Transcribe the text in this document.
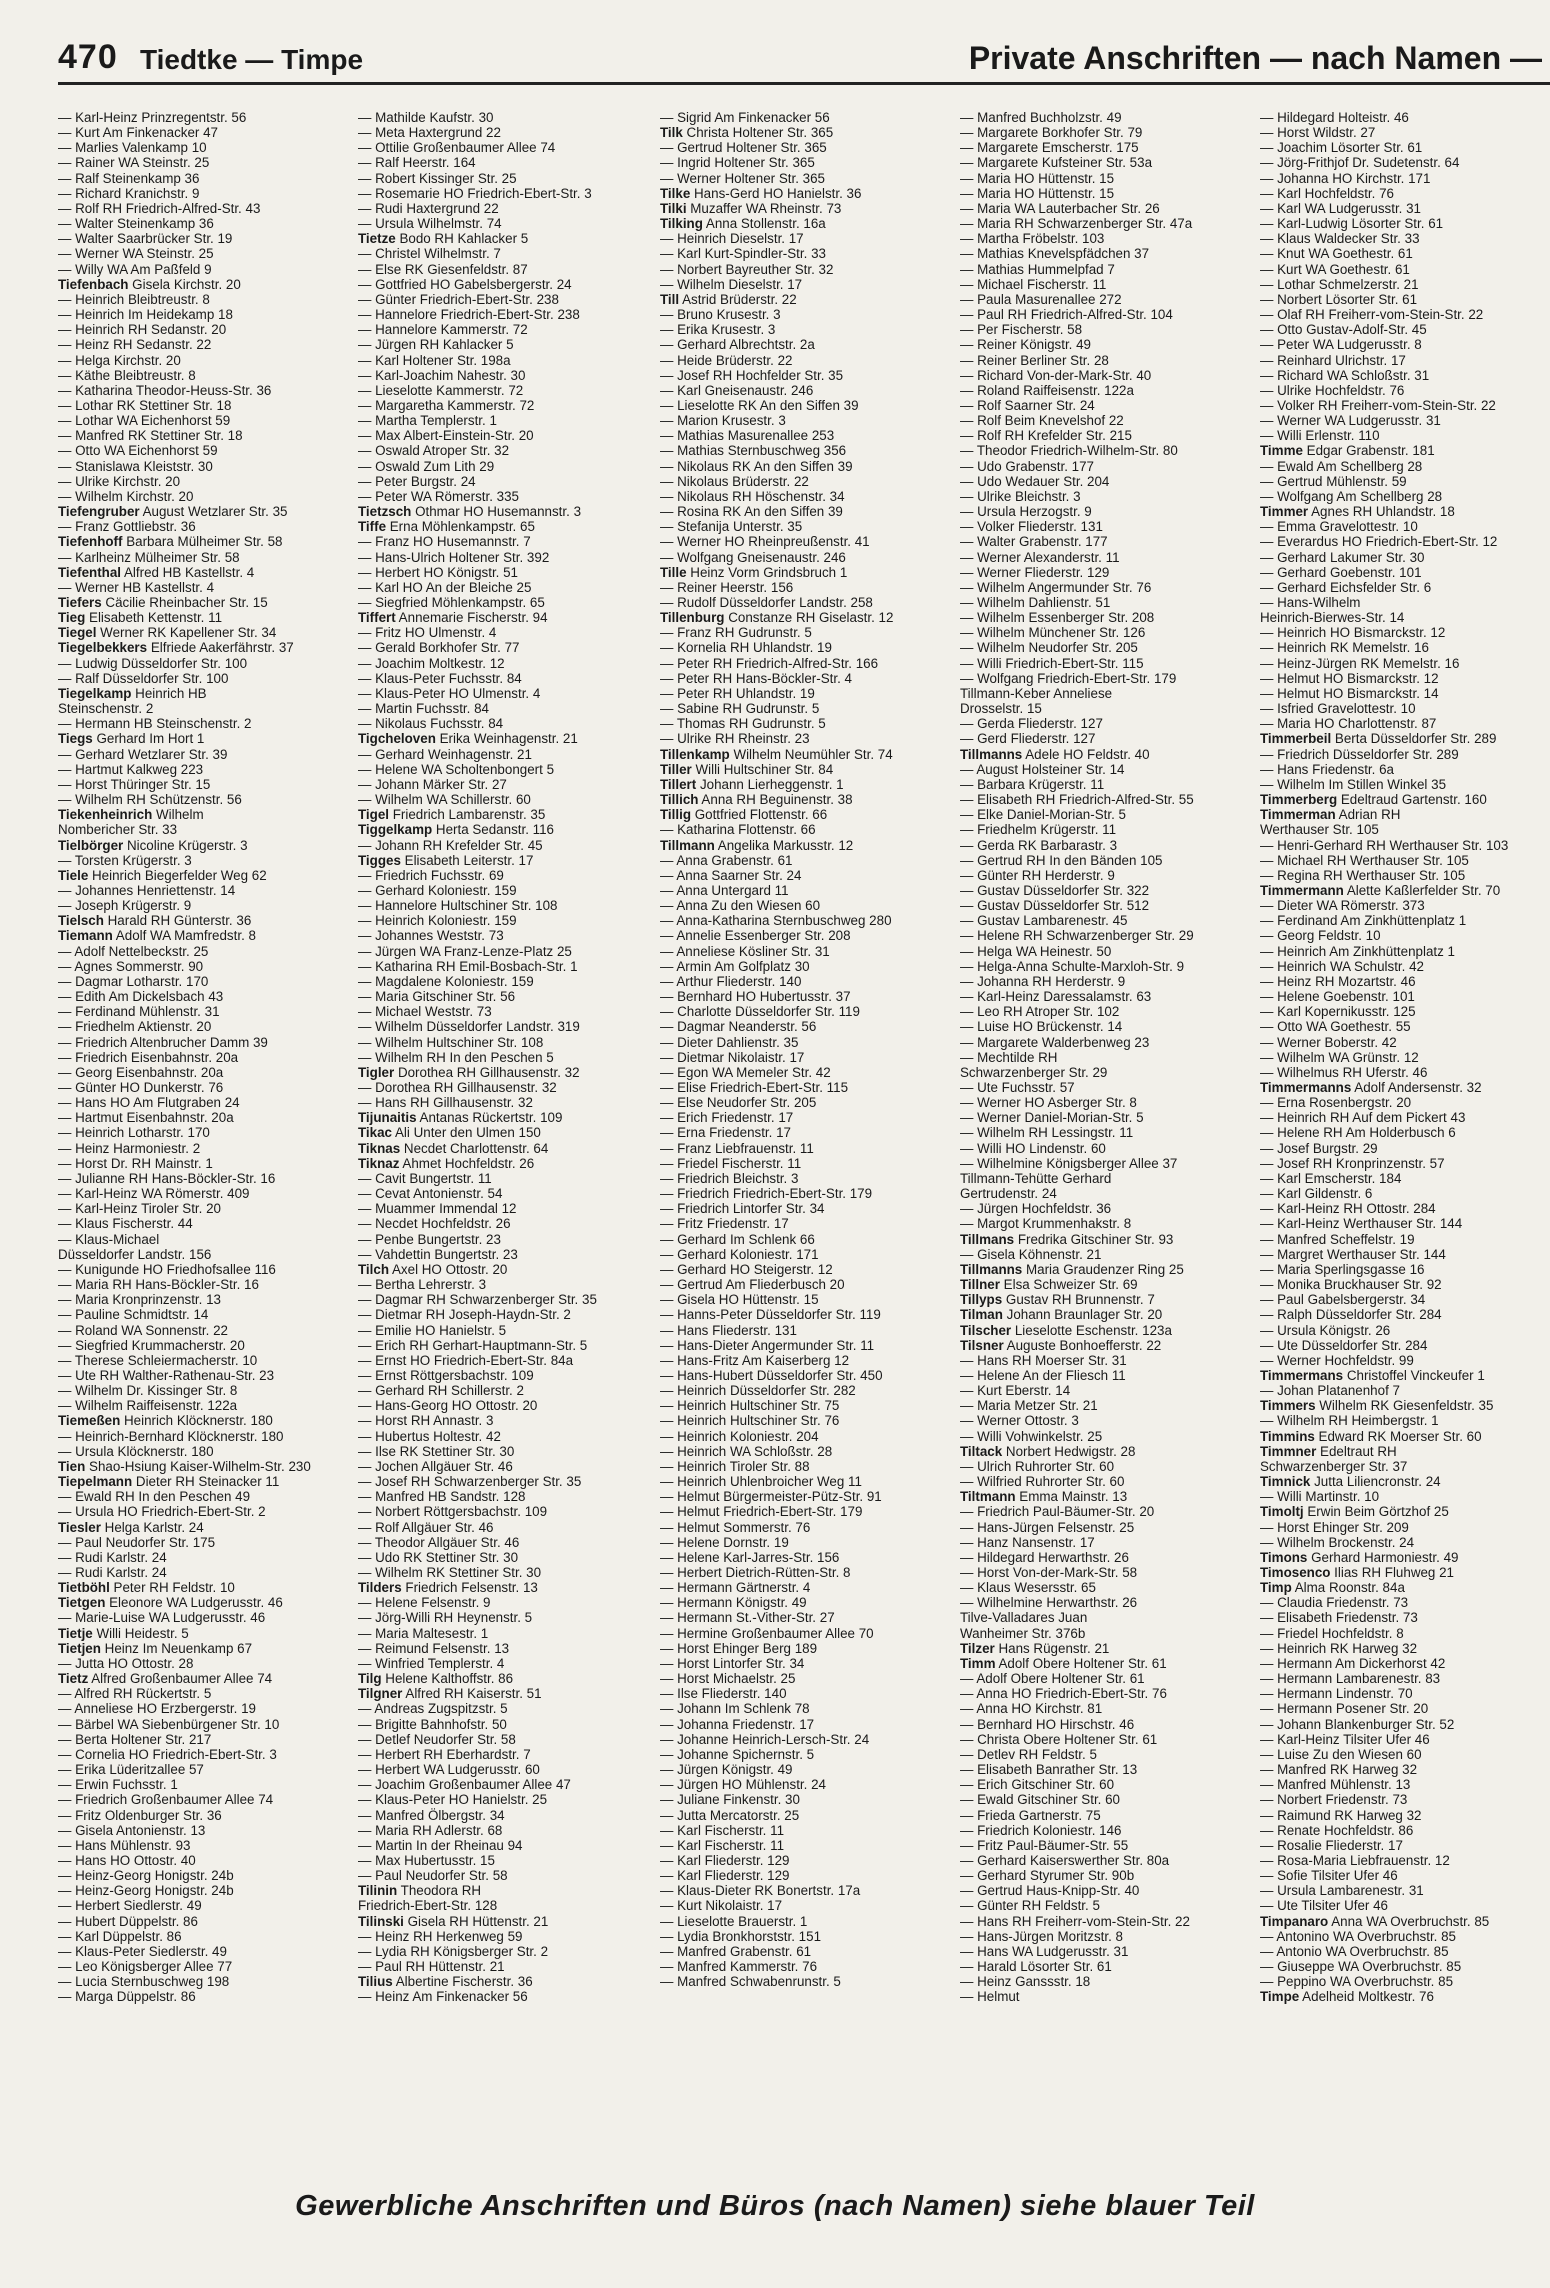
470 Tiedtke — Timpe	Private Anschriften — nach Namen —
— Karl-Heinz Prinzregentstr. 56
— Kurt Am Finkenacker 47
— Marlies Valenkamp 10
— Rainer WA Steinstr. 25
— Ralf Steinenkamp 36
— Richard Kranichstr. 9
— Rolf RH Friedrich-Alfred-Str. 43
— Walter Steinenkamp 36
— Walter Saarbrücker Str. 19
— Werner WA Steinstr. 25
— Willy WA Am Paßfeld 9
Tiefenbach Gisela Kirchstr. 20
— Heinrich Bleibtreustr. 8
— Heinrich Im Heidekamp 18
— Heinrich RH Sedanstr. 20
— Heinz RH Sedanstr. 22
— Helga Kirchstr. 20
— Käthe Bleibtreustr. 8
— Katharina Theodor-Heuss-Str. 36
— Lothar RK Stettiner Str. 18
— Lothar WA Eichenhorst 59
— Manfred RK Stettiner Str. 18
— Otto WA Eichenhorst 59
— Stanislawa Kleiststr. 30
— Ulrike Kirchstr. 20
— Wilhelm Kirchstr. 20
Tiefengruber August Wetzlarer Str. 35
— Franz Gottliebstr. 36
Tiefenhoff Barbara Mülheimer Str. 58
— Karlheinz Mülheimer Str. 58
Tiefenthal Alfred HB Kastellstr. 4
— Werner HB Kastellstr. 4
Tiefers Cäcilie Rheinbacher Str. 15
Tieg Elisabeth Kettenstr. 11
Tiegel Werner RK Kapellener Str. 34
Tiegelbekkers Elfriede Aakerfährstr. 37
— Ludwig Düsseldorfer Str. 100
— Ralf Düsseldorfer Str. 100
Tiegelkamp Heinrich HB
Steinschenstr. 2
— Hermann HB Steinschenstr. 2
Tiegs Gerhard Im Hort 1
— Gerhard Wetzlarer Str. 39
— Hartmut Kalkweg 223
— Horst Thüringer Str. 15
— Wilhelm RH Schützenstr. 56
Tiekenheinrich Wilhelm
Nombericher Str. 33
Tielbörger Nicoline Krügerstr. 3
— Torsten Krügerstr. 3
Tiele Heinrich Biegerfelder Weg 62
— Johannes Henriettenstr. 14
— Joseph Krügerstr. 9
Tielsch Harald RH Günterstr. 36
Tiemann Adolf WA Mamfredstr. 8
— Adolf Nettelbeckstr. 25
— Agnes Sommerstr. 90
— Dagmar Lotharstr. 170
— Edith Am Dickelsbach 43
— Ferdinand Mühlenstr. 31
— Friedhelm Aktienstr. 20
— Friedrich Altenbrucher Damm 39
— Friedrich Eisenbahnstr. 20a
— Georg Eisenbahnstr. 20a
— Günter HO Dunkerstr. 76
— Hans HO Am Flutgraben 24
— Hartmut Eisenbahnstr. 20a
— Heinrich Lotharstr. 170
— Heinz Harmoniestr. 2
— Horst Dr. RH Mainstr. 1
— Julianne RH Hans-Böckler-Str. 16
— Karl-Heinz WA Römerstr. 409
— Karl-Heinz Tiroler Str. 20
— Klaus Fischerstr. 44
— Klaus-Michael
Düsseldorfer Landstr. 156
— Kunigunde HO Friedhofsallee 116
— Maria RH Hans-Böckler-Str. 16
— Maria Kronprinzenstr. 13
— Pauline Schmidtstr. 14
— Roland WA Sonnenstr. 22
— Siegfried Krummacherstr. 20
— Therese Schleiermacherstr. 10
— Ute RH Walther-Rathenau-Str. 23
— Wilhelm Dr. Kissinger Str. 8
— Wilhelm Raiffeisenstr. 122a
Tiemeßen Heinrich Klöcknerstr. 180
— Heinrich-Bernhard Klöcknerstr. 180
— Ursula Klöcknerstr. 180
Tien Shao-Hsiung Kaiser-Wilhelm-Str. 230
Tiepelmann Dieter RH Steinacker 11
— Ewald RH In den Peschen 49
— Ursula HO Friedrich-Ebert-Str. 2
Tiesler Helga Karlstr. 24
— Paul Neudorfer Str. 175
— Rudi Karlstr. 24
— Rudi Karlstr. 24
Tietböhl Peter RH Feldstr. 10
Tietgen Eleonore WA Ludgerusstr. 46
— Marie-Luise WA Ludgerusstr. 46
Tietje Willi Heidestr. 5
Tietjen Heinz Im Neuenkamp 67
— Jutta HO Ottostr. 28
Tietz Alfred Großenbaumer Allee 74
— Alfred RH Rückertstr. 5
— Anneliese HO Erzbergerstr. 19
— Bärbel WA Siebenbürgener Str. 10
— Berta Holtener Str. 217
— Cornelia HO Friedrich-Ebert-Str. 3
— Erika Lüderitzallee 57
— Erwin Fuchsstr. 1
— Friedrich Großenbaumer Allee 74
— Fritz Oldenburger Str. 36
— Gisela Antonienstr. 13
— Hans Mühlenstr. 93
— Hans HO Ottostr. 40
— Heinz-Georg Honigstr. 24b
— Heinz-Georg Honigstr. 24b
— Herbert Siedlerstr. 49
— Hubert Düppelstr. 86
— Karl Düppelstr. 86
— Klaus-Peter Siedlerstr. 49
— Leo Königsberger Allee 77
— Lucia Sternbuschweg 198
— Marga Düppelstr. 86
— Mathilde Kaufstr. 30
— Meta Haxtergrund 22
— Ottilie Großenbaumer Allee 74
— Ralf Heerstr. 164
— Robert Kissinger Str. 25
— Rosemarie HO Friedrich-Ebert-Str. 3
— Rudi Haxtergrund 22
— Ursula Wilhelmstr. 74
Tietze Bodo RH Kahlacker 5
— Christel Wilhelmstr. 7
— Else RK Giesenfeldstr. 87
— Gottfried HO Gabelsbergerstr. 24
— Günter Friedrich-Ebert-Str. 238
— Hannelore Friedrich-Ebert-Str. 238
— Hannelore Kammerstr. 72
— Jürgen RH Kahlacker 5
— Karl Holtener Str. 198a
— Karl-Joachim Nahestr. 30
— Lieselotte Kammerstr. 72
— Margaretha Kammerstr. 72
— Martha Templerstr. 1
— Max Albert-Einstein-Str. 20
— Oswald Atroper Str. 32
— Oswald Zum Lith 29
— Peter Burgstr. 24
— Peter WA Römerstr. 335
Tietzsch Othmar HO Husemannstr. 3
Tiffe Erna Möhlenkampstr. 65
— Franz HO Husemannstr. 7
— Hans-Ulrich Holtener Str. 392
— Herbert HO Königstr. 51
— Karl HO An der Bleiche 25
— Siegfried Möhlenkampstr. 65
Tiffert Annemarie Fischerstr. 94
— Fritz HO Ulmenstr. 4
— Gerald Borkhofer Str. 77
— Joachim Moltkestr. 12
— Klaus-Peter Fuchsstr. 84
— Klaus-Peter HO Ulmenstr. 4
— Martin Fuchsstr. 84
— Nikolaus Fuchsstr. 84
Tigcheloven Erika Weinhagenstr. 21
— Gerhard Weinhagenstr. 21
— Helene WA Scholtenbongert 5
— Johann Märker Str. 27
— Wilhelm WA Schillerstr. 60
Tigel Friedrich Lambarenstr. 35
Tiggelkamp Herta Sedanstr. 116
— Johann RH Krefelder Str. 45
Tigges Elisabeth Leiterstr. 17
— Friedrich Fuchsstr. 69
— Gerhard Koloniestr. 159
— Hannelore Hultschiner Str. 108
— Heinrich Koloniestr. 159
— Johannes Weststr. 73
— Jürgen WA Franz-Lenze-Platz 25
— Katharina RH Emil-Bosbach-Str. 1
— Magdalene Koloniestr. 159
— Maria Gitschiner Str. 56
— Michael Weststr. 73
— Wilhelm Düsseldorfer Landstr. 319
— Wilhelm Hultschiner Str. 108
— Wilhelm RH In den Peschen 5
Tigler Dorothea RH Gillhausenstr. 32
— Dorothea RH Gillhausenstr. 32
— Hans RH Gillhausenstr. 32
Tijunaitis Antanas Rückertstr. 109
Tikac Ali Unter den Ulmen 150
Tiknas Necdet Charlottenstr. 64
Tiknaz Ahmet Hochfeldstr. 26
— Cavit Bungertstr. 11
— Cevat Antonienstr. 54
— Muammer Immendal 12
— Necdet Hochfeldstr. 26
— Penbe Bungertstr. 23
— Vahdettin Bungertstr. 23
Tilch Axel HO Ottostr. 20
— Bertha Lehrerstr. 3
— Dagmar RH Schwarzenberger Str. 35
— Dietmar RH Joseph-Haydn-Str. 2
— Emilie HO Hanielstr. 5
— Erich RH Gerhart-Hauptmann-Str. 5
— Ernst HO Friedrich-Ebert-Str. 84a
— Ernst Röttgersbachstr. 109
— Gerhard RH Schillerstr. 2
— Hans-Georg HO Ottostr. 20
— Horst RH Annastr. 3
— Hubertus Holtestr. 42
— Ilse RK Stettiner Str. 30
— Jochen Allgäuer Str. 46
— Josef RH Schwarzenberger Str. 35
— Manfred HB Sandstr. 128
— Norbert Röttgersbachstr. 109
— Rolf Allgäuer Str. 46
— Theodor Allgäuer Str. 46
— Udo RK Stettiner Str. 30
— Wilhelm RK Stettiner Str. 30
Tilders Friedrich Felsenstr. 13
— Helene Felsenstr. 9
— Jörg-Willi RH Heynenstr. 5
— Maria Maltesestr. 1
— Reimund Felsenstr. 13
— Winfried Templerstr. 4
Tilg Helene Kalthoffstr. 86
Tilgner Alfred RH Kaiserstr. 51
— Andreas Zugspitzstr. 5
— Brigitte Bahnhofstr. 50
— Detlef Neudorfer Str. 58
— Herbert RH Eberhardstr. 7
— Herbert WA Ludgerusstr. 60
— Joachim Großenbaumer Allee 47
— Klaus-Peter HO Hanielstr. 25
— Manfred Ölbergstr. 34
— Maria RH Adlerstr. 68
— Martin In der Rheinau 94
— Max Hubertusstr. 15
— Paul Neudorfer Str. 58
Tilinin Theodora RH
Friedrich-Ebert-Str. 128
Tilinski Gisela RH Hüttenstr. 21
— Heinz RH Herkenweg 59
— Lydia RH Königsberger Str. 2
— Paul RH Hüttenstr. 21
Tilius Albertine Fischerstr. 36
— Heinz Am Finkenacker 56
— Sigrid Am Finkenacker 56
Tilk Christa Holtener Str. 365
— Gertrud Holtener Str. 365
— Ingrid Holtener Str. 365
— Werner Holtener Str. 365
Tilke Hans-Gerd HO Hanielstr. 36
Tilki Muzaffer WA Rheinstr. 73
Tilking Anna Stollenstr. 16a
— Heinrich Dieselstr. 17
— Karl Kurt-Spindler-Str. 33
— Norbert Bayreuther Str. 32
— Wilhelm Dieselstr. 17
Till Astrid Brüderstr. 22
— Bruno Krusestr. 3
— Erika Krusestr. 3
— Gerhard Albrechtstr. 2a
— Heide Brüderstr. 22
— Josef RH Hochfelder Str. 35
— Karl Gneisenaustr. 246
— Lieselotte RK An den Siffen 39
— Marion Krusestr. 3
— Mathias Masurenallee 253
— Mathias Sternbuschweg 356
— Nikolaus RK An den Siffen 39
— Nikolaus Brüderstr. 22
— Nikolaus RH Höschenstr. 34
— Rosina RK An den Siffen 39
— Stefanija Unterstr. 35
— Werner HO Rheinpreußenstr. 41
— Wolfgang Gneisenaustr. 246
Tille Heinz Vorm Grindsbruch 1
— Reiner Heerstr. 156
— Rudolf Düsseldorfer Landstr. 258
Tillenburg Constanze RH Giselastr. 12
— Franz RH Gudrunstr. 5
— Kornelia RH Uhlandstr. 19
— Peter RH Friedrich-Alfred-Str. 166
— Peter RH Hans-Böckler-Str. 4
— Peter RH Uhlandstr. 19
— Sabine RH Gudrunstr. 5
— Thomas RH Gudrunstr. 5
— Ulrike RH Rheinstr. 23
Tillenkamp Wilhelm Neumühler Str. 74
Tiller Willi Hultschiner Str. 84
Tillert Johann Lierheggenstr. 1
Tillich Anna RH Beguinenstr. 38
Tillig Gottfried Flottenstr. 66
— Katharina Flottenstr. 66
Tillmann Angelika Markusstr. 12
— Anna Grabenstr. 61
— Anna Saarner Str. 24
— Anna Untergard 11
— Anna Zu den Wiesen 60
— Anna-Katharina Sternbuschweg 280
— Annelie Essenberger Str. 208
— Anneliese Kösliner Str. 31
— Armin Am Golfplatz 30
— Arthur Fliederstr. 140
— Bernhard HO Hubertusstr. 37
— Charlotte Düsseldorfer Str. 119
— Dagmar Neanderstr. 56
— Dieter Dahlienstr. 35
— Dietmar Nikolaistr. 17
— Egon WA Memeler Str. 42
— Elise Friedrich-Ebert-Str. 115
— Else Neudorfer Str. 205
— Erich Friedenstr. 17
— Erna Friedenstr. 17
— Franz Liebfrauenstr. 11
— Friedel Fischerstr. 11
— Friedrich Bleichstr. 3
— Friedrich Friedrich-Ebert-Str. 179
— Friedrich Lintorfer Str. 34
— Fritz Friedenstr. 17
— Gerhard Im Schlenk 66
— Gerhard Koloniestr. 171
— Gerhard HO Steigerstr. 12
— Gertrud Am Fliederbusch 20
— Gisela HO Hüttenstr. 15
— Hanns-Peter Düsseldorfer Str. 119
— Hans Fliederstr. 131
— Hans-Dieter Angermunder Str. 11
— Hans-Fritz Am Kaiserberg 12
— Hans-Hubert Düsseldorfer Str. 450
— Heinrich Düsseldorfer Str. 282
— Heinrich Hultschiner Str. 75
— Heinrich Hultschiner Str. 76
— Heinrich Koloniestr. 204
— Heinrich WA Schloßstr. 28
— Heinrich Tiroler Str. 88
— Heinrich Uhlenbroicher Weg 11
— Helmut Bürgermeister-Pütz-Str. 91
— Helmut Friedrich-Ebert-Str. 179
— Helmut Sommerstr. 76
— Helene Dornstr. 19
— Helene Karl-Jarres-Str. 156
— Herbert Dietrich-Rütten-Str. 8
— Hermann Gärtnerstr. 4
— Hermann Königstr. 49
— Hermann St.-Vither-Str. 27
— Hermine Großenbaumer Allee 70
— Horst Ehinger Berg 189
— Horst Lintorfer Str. 34
— Horst Michaelstr. 25
— Ilse Fliederstr. 140
— Johann Im Schlenk 78
— Johanna Friedenstr. 17
— Johanne Heinrich-Lersch-Str. 24
— Johanne Spichernstr. 5
— Jürgen Königstr. 49
— Jürgen HO Mühlenstr. 24
— Juliane Finkenstr. 30
— Jutta Mercatorstr. 25
— Karl Fischerstr. 11
— Karl Fischerstr. 11
— Karl Fliederstr. 129
— Karl Fliederstr. 129
— Klaus-Dieter RK Bonertstr. 17a
— Kurt Nikolaistr. 17
— Lieselotte Brauerstr. 1
— Lydia Bronkhorststr. 151
— Manfred Grabenstr. 61
— Manfred Kammerstr. 76
— Manfred Schwabenrunstr. 5
— Manfred Buchholzstr. 49
— Margarete Borkhofer Str. 79
— Margarete Emscherstr. 175
— Margarete Kufsteiner Str. 53a
— Maria HO Hüttenstr. 15
— Maria HO Hüttenstr. 15
— Maria WA Lauterbacher Str. 26
— Maria RH Schwarzenberger Str. 47a
— Martha Fröbelstr. 103
— Mathias Knevelspfädchen 37
— Mathias Hummelpfad 7
— Michael Fischerstr. 11
— Paula Masurenallee 272
— Paul RH Friedrich-Alfred-Str. 104
— Per Fischerstr. 58
— Reiner Königstr. 49
— Reiner Berliner Str. 28
— Richard Von-der-Mark-Str. 40
— Roland Raiffeisenstr. 122a
— Rolf Saarner Str. 24
— Rolf Beim Knevelshof 22
— Rolf RH Krefelder Str. 215
— Theodor Friedrich-Wilhelm-Str. 80
— Udo Grabenstr. 177
— Udo Wedauer Str. 204
— Ulrike Bleichstr. 3
— Ursula Herzogstr. 9
— Volker Fliederstr. 131
— Walter Grabenstr. 177
— Werner Alexanderstr. 11
— Werner Fliederstr. 129
— Wilhelm Angermunder Str. 76
— Wilhelm Dahlienstr. 51
— Wilhelm Essenberger Str. 208
— Wilhelm Münchener Str. 126
— Wilhelm Neudorfer Str. 205
— Willi Friedrich-Ebert-Str. 115
— Wolfgang Friedrich-Ebert-Str. 179
Tillmann-Keber Anneliese
Drosselstr. 15
— Gerda Fliederstr. 127
— Gerd Fliederstr. 127
Tillmanns Adele HO Feldstr. 40
— August Holsteiner Str. 14
— Barbara Krügerstr. 11
— Elisabeth RH Friedrich-Alfred-Str. 55
— Elke Daniel-Morian-Str. 5
— Friedhelm Krügerstr. 11
— Gerda RK Barbarastr. 3
— Gertrud RH In den Bänden 105
— Günter RH Herderstr. 9
— Gustav Düsseldorfer Str. 322
— Gustav Düsseldorfer Str. 512
— Gustav Lambarenestr. 45
— Helene RH Schwarzenberger Str. 29
— Helga WA Heinestr. 50
— Helga-Anna Schulte-Marxloh-Str. 9
— Johanna RH Herderstr. 9
— Karl-Heinz Daressalamstr. 63
— Leo RH Atroper Str. 102
— Luise HO Brückenstr. 14
— Margarete Walderbenweg 23
— Mechtilde RH
Schwarzenberger Str. 29
— Ute Fuchsstr. 57
— Werner HO Asberger Str. 8
— Werner Daniel-Morian-Str. 5
— Wilhelm RH Lessingstr. 11
— Willi HO Lindenstr. 60
— Wilhelmine Königsberger Allee 37
Tillmann-Tehütte Gerhard
Gertrudenstr. 24
— Jürgen Hochfeldstr. 36
— Margot Krummenhakstr. 8
Tillmans Fredrika Gitschiner Str. 93
— Gisela Köhnenstr. 21
Tillmanns Maria Graudenzer Ring 25
Tillner Elsa Schweizer Str. 69
Tillyps Gustav RH Brunnenstr. 7
Tilman Johann Braunlager Str. 20
Tilscher Lieselotte Eschenstr. 123a
Tilsner Auguste Bonhoefferstr. 22
— Hans RH Moerser Str. 31
— Helene An der Fliesch 11
— Kurt Eberstr. 14
— Maria Metzer Str. 21
— Werner Ottostr. 3
— Willi Vohwinkelstr. 25
Tiltack Norbert Hedwigstr. 28
— Ulrich Ruhrorter Str. 60
— Wilfried Ruhrorter Str. 60
Tiltmann Emma Mainstr. 13
— Friedrich Paul-Bäumer-Str. 20
— Hans-Jürgen Felsenstr. 25
— Hanz Nansenstr. 17
— Hildegard Herwarthstr. 26
— Horst Von-der-Mark-Str. 58
— Klaus Wesersstr. 65
— Wilhelmine Herwarthstr. 26
Tilve-Valladares Juan
Wanheimer Str. 376b
Tilzer Hans Rügenstr. 21
Timm Adolf Obere Holtener Str. 61
— Adolf Obere Holtener Str. 61
— Anna HO Friedrich-Ebert-Str. 76
— Anna HO Kirchstr. 81
— Bernhard HO Hirschstr. 46
— Christa Obere Holtener Str. 61
— Detlev RH Feldstr. 5
— Elisabeth Banrather Str. 13
— Erich Gitschiner Str. 60
— Ewald Gitschiner Str. 60
— Frieda Gartnerstr. 75
— Friedrich Koloniestr. 146
— Fritz Paul-Bäumer-Str. 55
— Gerhard Kaiserswerther Str. 80a
— Gerhard Styrumer Str. 90b
— Gertrud Haus-Knipp-Str. 40
— Günter RH Feldstr. 5
— Hans RH Freiherr-vom-Stein-Str. 22
— Hans-Jürgen Moritzstr. 8
— Hans WA Ludgerusstr. 31
— Harald Lösorter Str. 61
— Heinz Ganssstr. 18
— Helmut
— Hildegard Holteistr. 46
— Horst Wildstr. 27
— Joachim Lösorter Str. 61
— Jörg-Frithjof Dr. Sudetenstr. 64
— Johanna HO Kirchstr. 171
— Karl Hochfeldstr. 76
— Karl WA Ludgerusstr. 31
— Karl-Ludwig Lösorter Str. 61
— Klaus Waldecker Str. 33
— Knut WA Goethestr. 61
— Kurt WA Goethestr. 61
— Lothar Schmelzerstr. 21
— Norbert Lösorter Str. 61
— Olaf RH Freiherr-vom-Stein-Str. 22
— Otto Gustav-Adolf-Str. 45
— Peter WA Ludgerusstr. 8
— Reinhard Ulrichstr. 17
— Richard WA Schloßstr. 31
— Ulrike Hochfeldstr. 76
— Volker RH Freiherr-vom-Stein-Str. 22
— Werner WA Ludgerusstr. 31
— Willi Erlenstr. 110
Timme Edgar Grabenstr. 181
— Ewald Am Schellberg 28
— Gertrud Mühlenstr. 59
— Wolfgang Am Schellberg 28
Timmer Agnes RH Uhlandstr. 18
— Emma Gravelottestr. 10
— Everardus HO Friedrich-Ebert-Str. 12
— Gerhard Lakumer Str. 30
— Gerhard Goebenstr. 101
— Gerhard Eichsfelder Str. 6
— Hans-Wilhelm
Heinrich-Bierwes-Str. 14
— Heinrich HO Bismarckstr. 12
— Heinrich RK Memelstr. 16
— Heinz-Jürgen RK Memelstr. 16
— Helmut HO Bismarckstr. 12
— Helmut HO Bismarckstr. 14
— Isfried Gravelottestr. 10
— Maria HO Charlottenstr. 87
Timmerbeil Berta Düsseldorfer Str. 289
— Friedrich Düsseldorfer Str. 289
— Hans Friedenstr. 6a
— Wilhelm Im Stillen Winkel 35
Timmerberg Edeltraud Gartenstr. 160
Timmerman Adrian RH
Werthauser Str. 105
— Henri-Gerhard RH Werthauser Str. 103
— Michael RH Werthauser Str. 105
— Regina RH Werthauser Str. 105
Timmermann Alette Kaßlerfelder Str. 70
— Dieter WA Römerstr. 373
— Ferdinand Am Zinkhüttenplatz 1
— Georg Feldstr. 10
— Heinrich Am Zinkhüttenplatz 1
— Heinrich WA Schulstr. 42
— Heinz RH Mozartstr. 46
— Helene Goebenstr. 101
— Karl Kopernikusstr. 125
— Otto WA Goethestr. 55
— Werner Boberstr. 42
— Wilhelm WA Grünstr. 12
— Wilhelmus RH Uferstr. 46
Timmermanns Adolf Andersenstr. 32
— Erna Rosenbergstr. 20
— Heinrich RH Auf dem Pickert 43
— Helene RH Am Holderbusch 6
— Josef Burgstr. 29
— Josef RH Kronprinzenstr. 57
— Karl Emscherstr. 184
— Karl Gildenstr. 6
— Karl-Heinz RH Ottostr. 284
— Karl-Heinz Werthauser Str. 144
— Manfred Scheffelstr. 19
— Margret Werthauser Str. 144
— Maria Sperlingsgasse 16
— Monika Bruckhauser Str. 92
— Paul Gabelsbergerstr. 34
— Ralph Düsseldorfer Str. 284
— Ursula Königstr. 26
— Ute Düsseldorfer Str. 284
— Werner Hochfeldstr. 99
Timmermans Christoffel Vinckeufer 1
— Johan Platanenhof 7
Timmers Wilhelm RK Giesenfeldstr. 35
— Wilhelm RH Heimbergstr. 1
Timmins Edward RK Moerser Str. 60
Timmner Edeltraut RH
Schwarzenberger Str. 37
Timnick Jutta Liliencronstr. 24
— Willi Martinstr. 10
Timoltj Erwin Beim Görtzhof 25
— Horst Ehinger Str. 209
— Wilhelm Brockenstr. 24
Timons Gerhard Harmoniestr. 49
Timosenco Ilias RH Fluhweg 21
Timp Alma Roonstr. 84a
— Claudia Friedenstr. 73
— Elisabeth Friedenstr. 73
— Friedel Hochfeldstr. 8
— Heinrich RK Harweg 32
— Hermann Am Dickerhorst 42
— Hermann Lambarenestr. 83
— Hermann Lindenstr. 70
— Hermann Posener Str. 20
— Johann Blankenburger Str. 52
— Karl-Heinz Tilsiter Ufer 46
— Luise Zu den Wiesen 60
— Manfred RK Harweg 32
— Manfred Mühlenstr. 13
— Norbert Friedenstr. 73
— Raimund RK Harweg 32
— Renate Hochfeldstr. 86
— Rosalie Fliederstr. 17
— Rosa-Maria Liebfrauenstr. 12
— Sofie Tilsiter Ufer 46
— Ursula Lambarenestr. 31
— Ute Tilsiter Ufer 46
Timpanaro Anna WA Overbruchstr. 85
— Antonino WA Overbruchstr. 85
— Antonio WA Overbruchstr. 85
— Giuseppe WA Overbruchstr. 85
— Peppino WA Overbruchstr. 85
Timpe Adelheid Moltkestr. 76
Gewerbliche Anschriften und Büros (nach Namen) siehe blauer Teil
